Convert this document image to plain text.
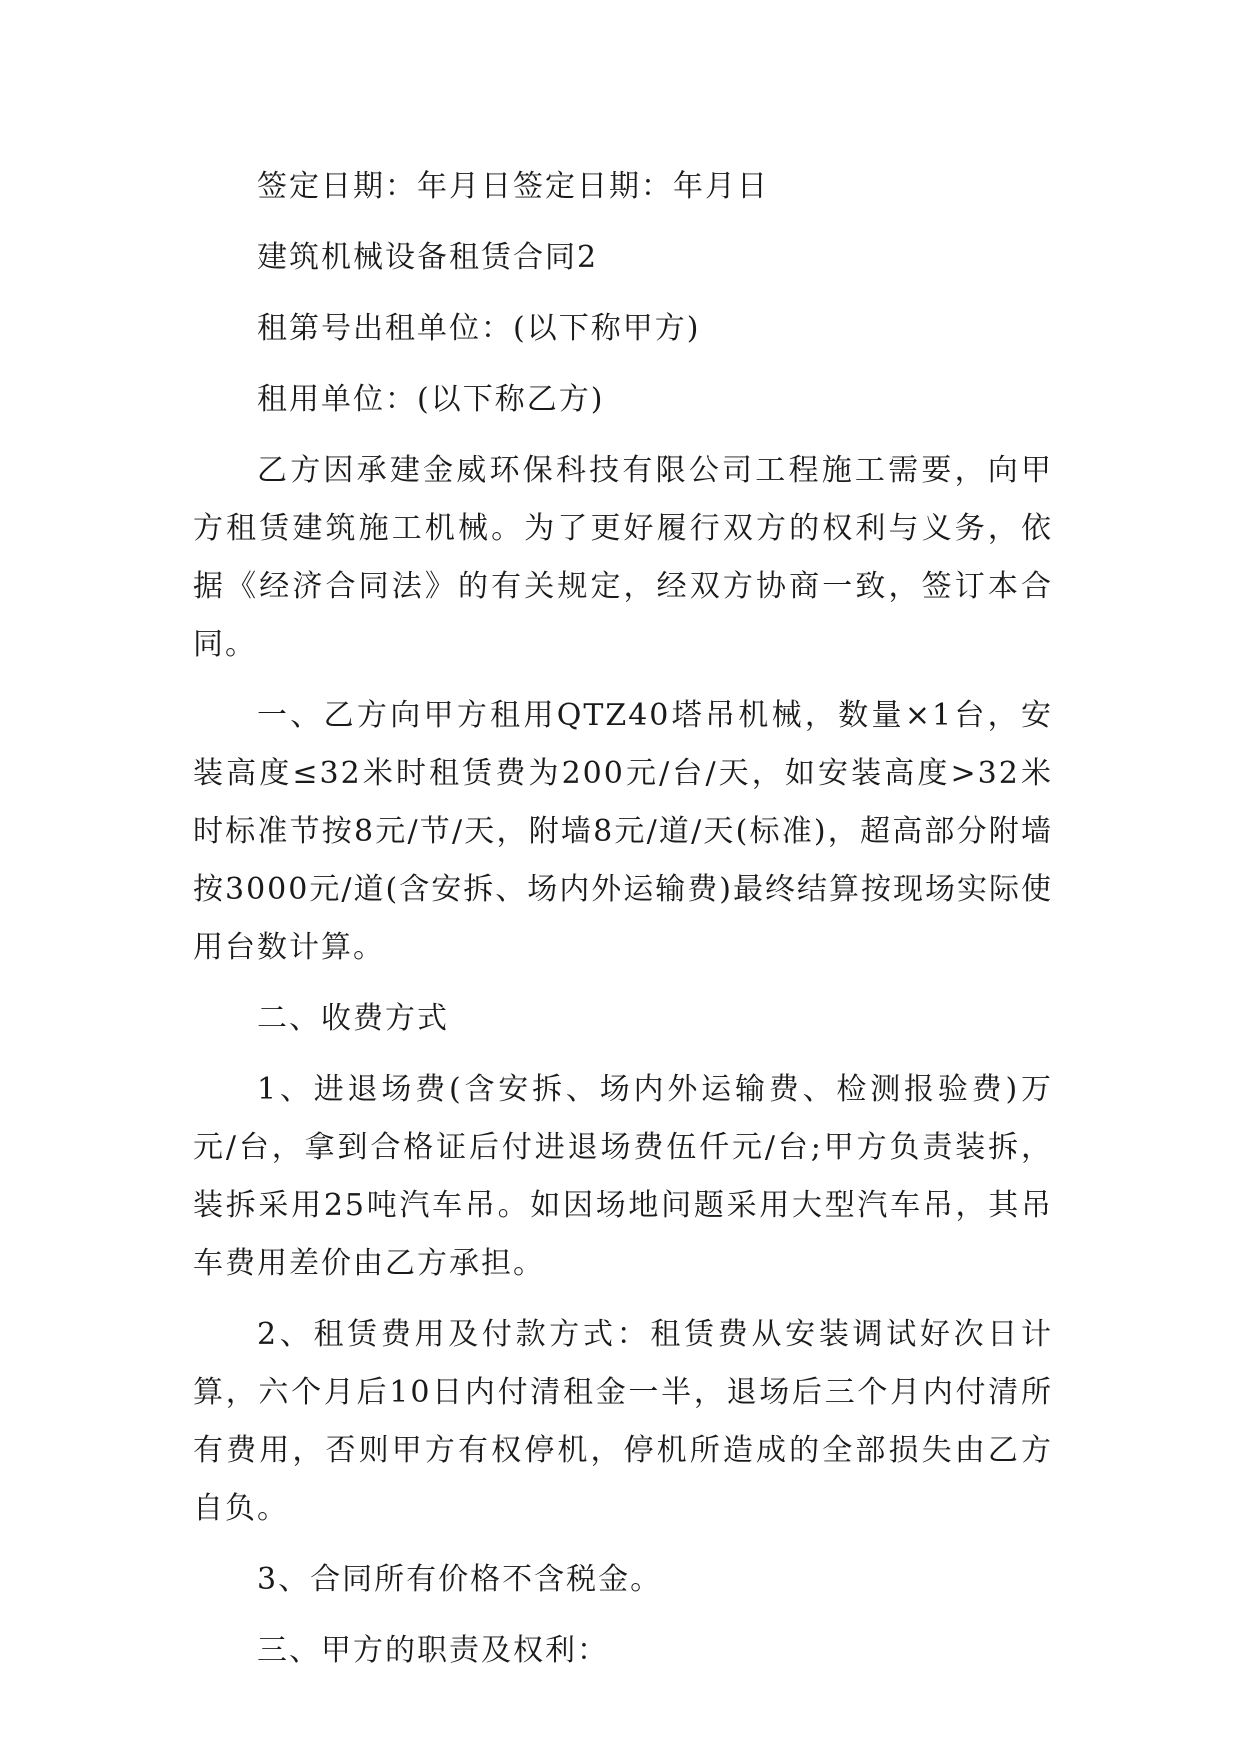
签定日期：年月日签定日期：年月日

建筑机械设备租赁合同2

租第号出租单位：(以下称甲方)

租用单位：(以下称乙方)

乙方因承建金威环保科技有限公司工程施工需要，向甲方租赁建筑施工机械。为了更好履行双方的权利与义务，依据《经济合同法》的有关规定，经双方协商一致，签订本合同。

一、乙方向甲方租用QTZ40塔吊机械，数量×1台，安装高度≤32米时租赁费为200元/台/天，如安装高度>32米时标准节按8元/节/天，附墙8元/道/天(标准)，超高部分附墙按3000元/道(含安拆、场内外运输费)最终结算按现场实际使用台数计算。

二、收费方式

1、进退场费(含安拆、场内外运输费、检测报验费)万元/台，拿到合格证后付进退场费伍仟元/台;甲方负责装拆，装拆采用25吨汽车吊。如因场地问题采用大型汽车吊，其吊车费用差价由乙方承担。

2、租赁费用及付款方式：租赁费从安装调试好次日计算，六个月后10日内付清租金一半，退场后三个月内付清所有费用，否则甲方有权停机，停机所造成的全部损失由乙方自负。

3、合同所有价格不含税金。

三、甲方的职责及权利：
